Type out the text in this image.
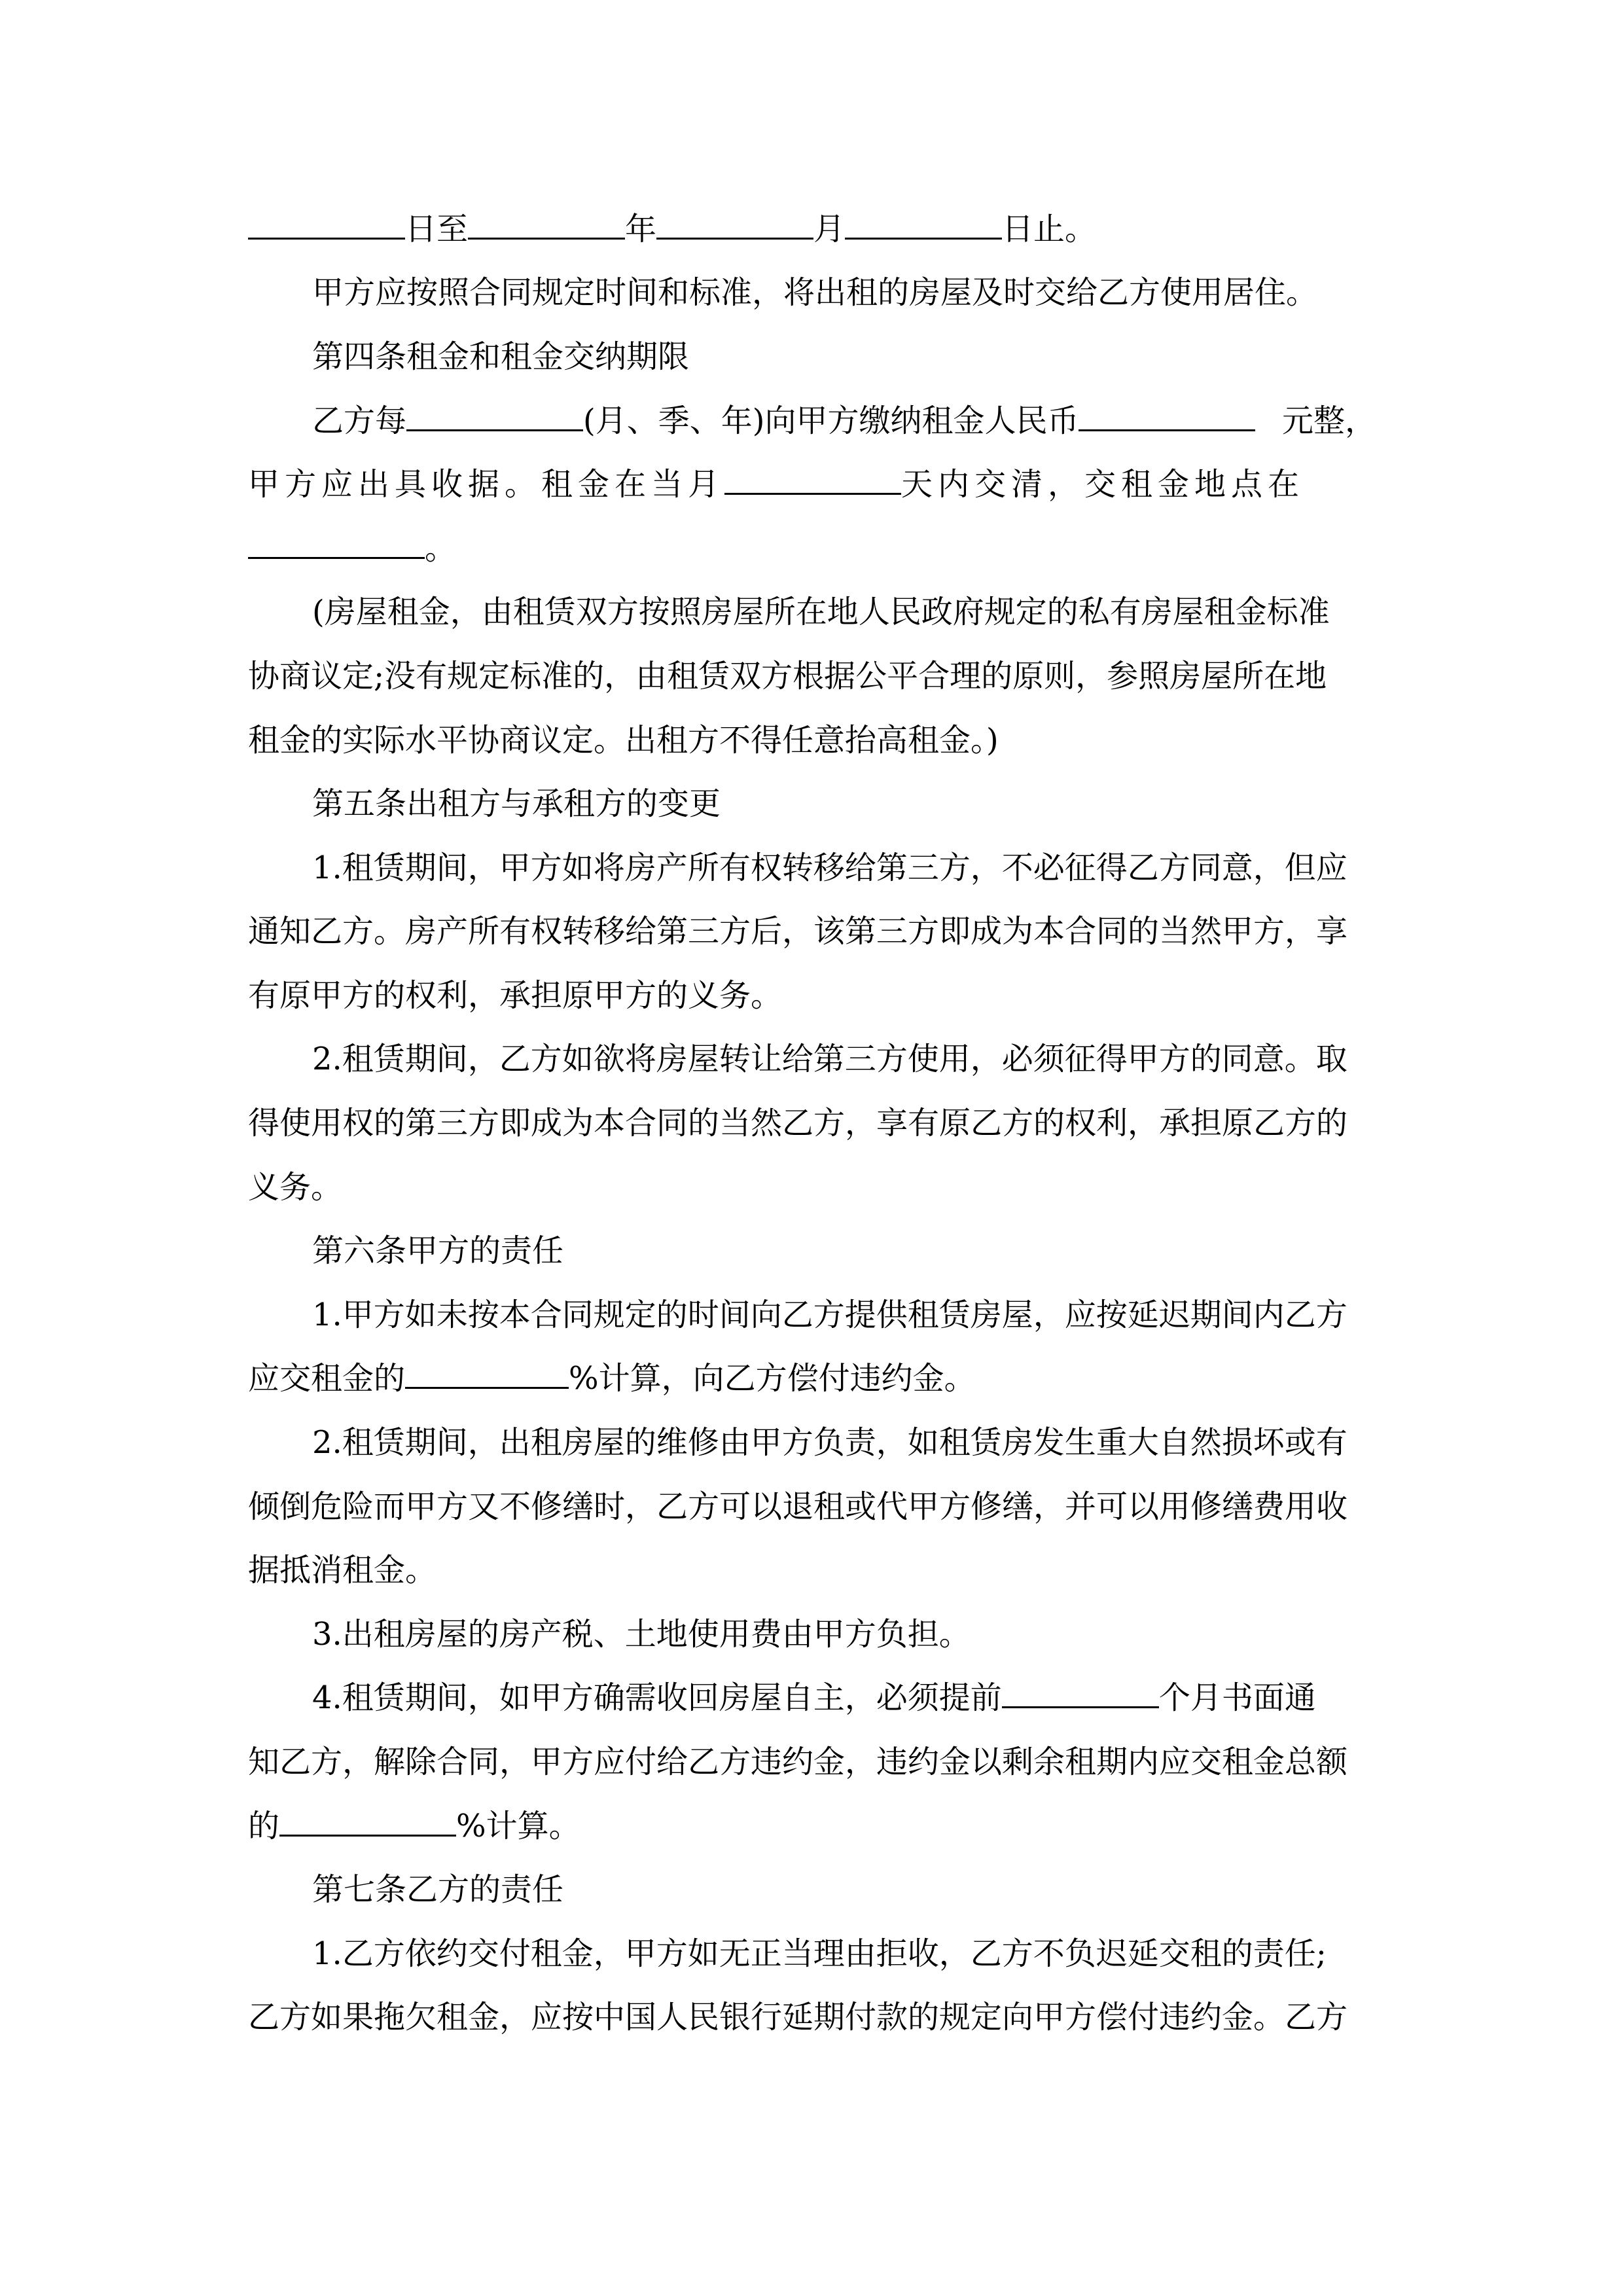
日至	年	月	日止。
甲方应按照合同规定时间和标准，将出租的房屋及时交给乙方使用居住。
第四条租金和租金交纳期限
乙方每	(月、季、年)向甲方缴纳租金人民币	元整，
甲方应出具收据。租金在当月	天内交清，交租金地点在
。
(房屋租金，由租赁双方按照房屋所在地人民政府规定的私有房屋租金标准
协商议定;没有规定标准的，由租赁双方根据公平合理的原则，参照房屋所在地
租金的实际水平协商议定。出租方不得任意抬高租金。)
第五条出租方与承租方的变更
1.租赁期间，甲方如将房产所有权转移给第三方，不必征得乙方同意，但应
通知乙方。房产所有权转移给第三方后，该第三方即成为本合同的当然甲方，享
有原甲方的权利，承担原甲方的义务。
2.租赁期间，乙方如欲将房屋转让给第三方使用，必须征得甲方的同意。取
得使用权的第三方即成为本合同的当然乙方，享有原乙方的权利，承担原乙方的
义务。
第六条甲方的责任
1.甲方如未按本合同规定的时间向乙方提供租赁房屋，应按延迟期间内乙方
应交租金的	%计算，向乙方偿付违约金。
2.租赁期间，出租房屋的维修由甲方负责，如租赁房发生重大自然损坏或有
倾倒危险而甲方又不修缮时，乙方可以退租或代甲方修缮，并可以用修缮费用收
据抵消租金。
3.出租房屋的房产税、土地使用费由甲方负担。
4.租赁期间，如甲方确需收回房屋自主，必须提前	个月书面通
知乙方，解除合同，甲方应付给乙方违约金，违约金以剩余租期内应交租金总额
的	%计算。
第七条乙方的责任
1.乙方依约交付租金，甲方如无正当理由拒收，乙方不负迟延交租的责任;
乙方如果拖欠租金，应按中国人民银行延期付款的规定向甲方偿付违约金。乙方
